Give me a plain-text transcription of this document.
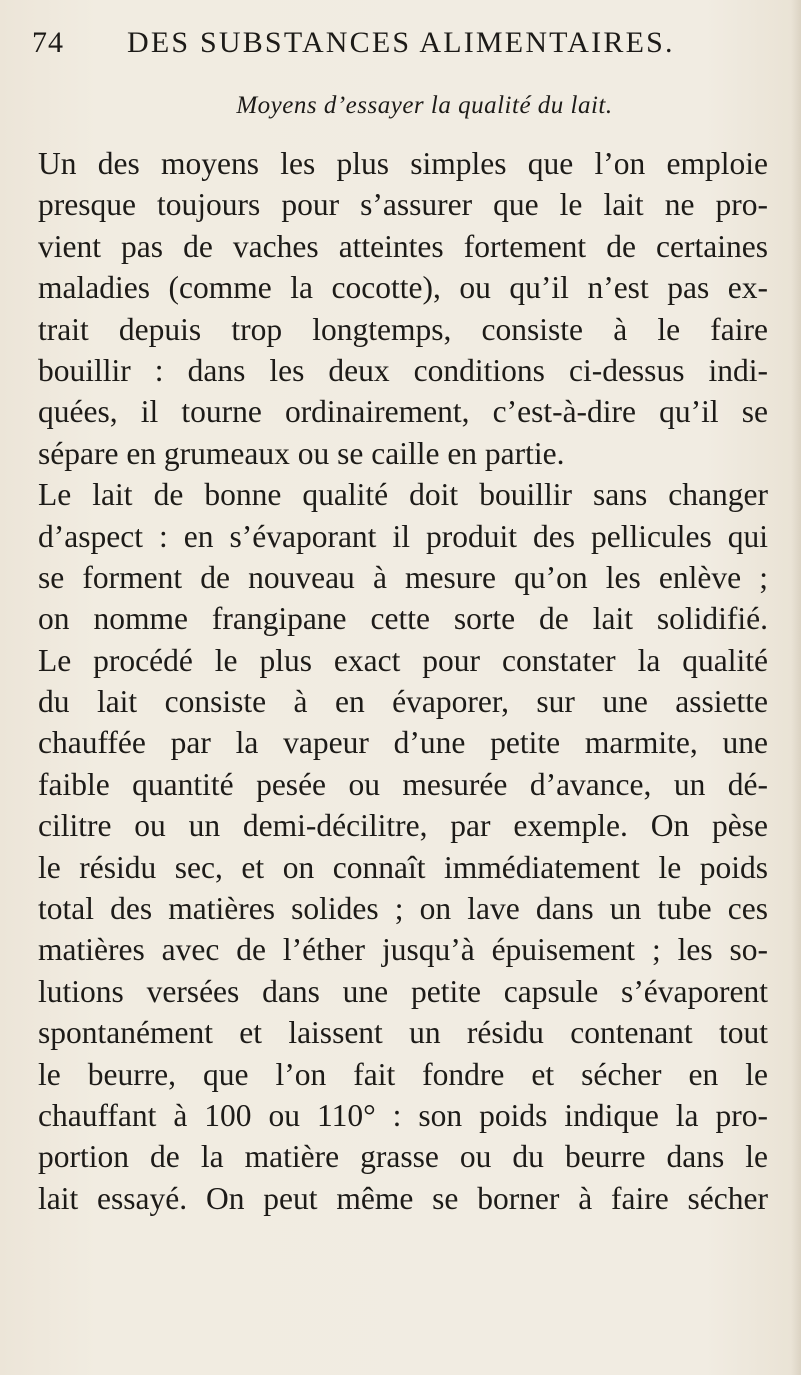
74 DES SUBSTANCES ALIMENTAIRES.
Moyens d’essayer la qualité du lait.
Un des moyens les plus simples que l’on emploie
presque toujours pour s’assurer que le lait ne pro-
vient pas de vaches atteintes fortement de certaines
maladies (comme la cocotte), ou qu’il n’est pas ex-
trait depuis trop longtemps, consiste à le faire
bouillir : dans les deux conditions ci-dessus indi-
quées, il tourne ordinairement, c’est-à-dire qu’il se
sépare en grumeaux ou se caille en partie.
Le lait de bonne qualité doit bouillir sans changer
d’aspect : en s’évaporant il produit des pellicules qui
se forment de nouveau à mesure qu’on les enlève ;
on nomme frangipane cette sorte de lait solidifié.
Le procédé le plus exact pour constater la qualité
du lait consiste à en évaporer, sur une assiette
chauffée par la vapeur d’une petite marmite, une
faible quantité pesée ou mesurée d’avance, un dé-
cilitre ou un demi-décilitre, par exemple. On pèse
le résidu sec, et on connaît immédiatement le poids
total des matières solides ; on lave dans un tube ces
matières avec de l’éther jusqu’à épuisement ; les so-
lutions versées dans une petite capsule s’évaporent
spontanément et laissent un résidu contenant tout
le beurre, que l’on fait fondre et sécher en le
chauffant à 100 ou 110° : son poids indique la pro-
portion de la matière grasse ou du beurre dans le
lait essayé. On peut même se borner à faire sécher
